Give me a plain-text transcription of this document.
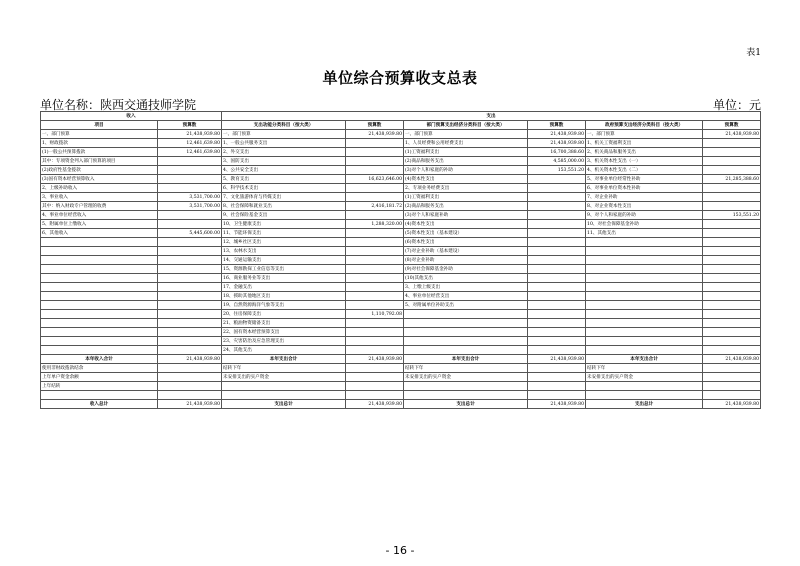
表1
单位综合预算收支总表
单位名称：陕西交通技师学院	单位：元
收入		支出					
项目	预算数	支出功能分类科目（按大类）	预算数	部门预算支出经济分类科目（按大类）	预算数	政府预算支出经济分类科目（按大类）	预算数
一、部门预算	21,438,939.80	一、部门预算	21,438,939.80	一、部门预算	21,438,939.80	一、部门预算	21,438,939.80
1、财政拨款	12,461,639.80	1、一般公共服务支出		1、人员经费和公用经费支出	21,438,939.80	1、机关工资福利支出	
(1)一般公共预算拨款	12,461,639.80	2、外交支出		(1)工资福利支出	16,700,388.60	2、机关商品和服务支出	
其中：专项资金列入部门预算的项目		3、国防支出		(2)商品和服务支出	4,585,000.00	3、机关资本性支出（一）	
(2)政府性基金拨款		4、公共安全支出		(3)对个人和家庭的补助	153,551.20	4、机关资本性支出（二）	
(3)国有资本经营预算收入		5、教育支出	16,623,646.00	(4)资本性支出		5、对事业单位经常性补助	21,285,388.60
2、上级补助收入		6、科学技术支出		2、专项业务经费支出		6、对事业单位资本性补助	
3、事业收入	3,531,700.00	7、文化旅游体育与传媒支出		(1)工资福利支出		7、对企业补助	
其中：纳入财政专户管理的收费	3,531,700.00	8、社会保障和就业支出	2,416,181.72	(2)商品和服务支出		8、对企业资本性支出	
4、事业单位经营收入		9、社会保险基金支出		(3)对个人和家庭补助		9、对个人和家庭的补助	153,551.20
5、附属单位上缴收入		10、卫生健康支出	1,288,320.00	(4)资本性支出		10、对社会保障基金补助	
6、其他收入	5,445,600.00	11、节能环保支出		(5)资本性支出（基本建设）		11、其他支出	
		12、城乡社区支出		(6)资本性支出			
		13、农林水支出		(7)对企业补助（基本建设）			
		14、交通运输支出		(8)对企业补助			
		15、资源勘探工业信息等支出		(9)对社会保障基金补助			
		16、商业服务业等支出		(10)其他支出			
		17、金融支出		3、上缴上级支出			
		18、援助其他地区支出		4、事业单位经营支出			
		19、自然资源海洋气象等支出		5、对附属单位补助支出			
		20、住房保障支出	1,110,792.08				
		21、粮油物资储备支出					
		22、国有资本经营预算支出					
		23、灾害防治及应急管理支出					
		24、其他支出					
本年收入合计	21,438,939.80	本年支出合计	21,438,939.80	本年支出合计	21,438,939.80	本年支出合计	21,438,939.80
使用非财政拨款结余		结转下年		结转下年		结转下年	
上年单户资金余额		未安排支出的实户资金		未安排支出的实户资金		未安排支出的实户资金	
上年结转							

收入总计	21,438,939.80	支出总计	21,438,939.80	支出总计	21,438,939.80	支出总计	21,438,939.80
- 16 -
